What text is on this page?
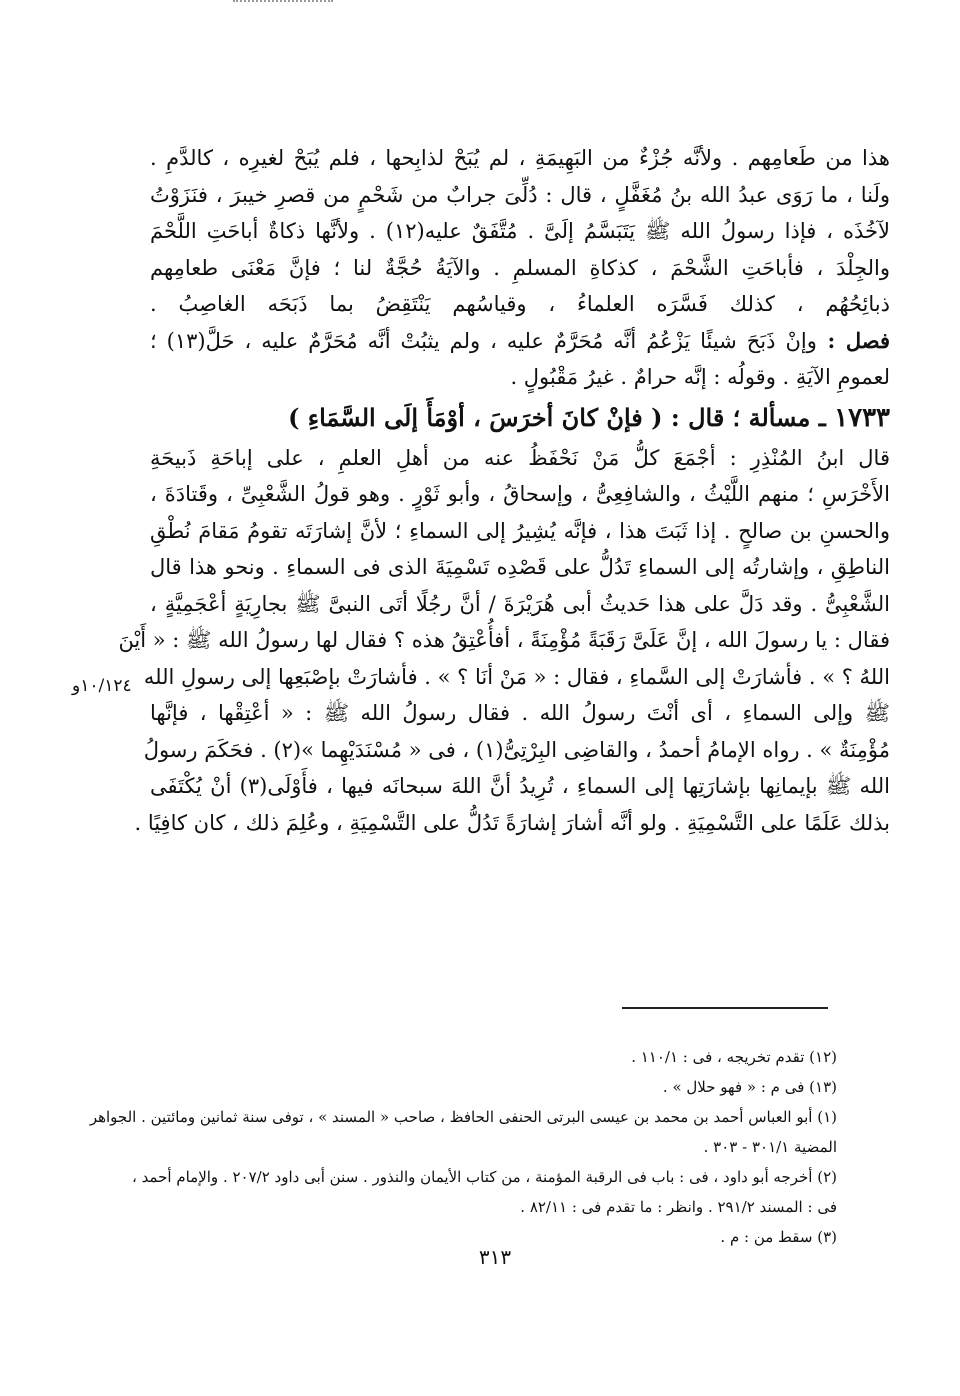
هذا من طَعامِهم . ولأنَّه جُزْءٌ من البَهِيمَةِ ، لم يُبَحْ لذابِحها ، فلم يُبَحْ لغيرِه ، كالدَّمِ .
ولَنا ، ما رَوَى عبدُ الله بنُ مُغَفَّلٍ ، قال : دُلِّىَ جرابٌ من شَحْمٍ من قصرِ خيبرَ ، فنَزَوْتُ
لآخُذَه ، فإذا رسولُ الله ﷺ يَتَبَسَّمُ إلَىَّ . مُتَّفَقٌ عليه(١٢) . ولأنَّها ذكاةٌ أباحَتِ اللَّحْمَ
والجِلْدَ ، فأباحَتِ الشَّحْمَ ، كذكاةِ المسلمِ . والآيَةُ حُجَّةٌ لنا ؛ فإنَّ مَعْنَى طعامِهم
ذبائِحُهُم ، كذلك فَسَّرَه العلماءُ ، وقياسُهم يَنْتَقِضُ بما ذَبَحَه الغاصِبُ .
فصل : وإنْ ذَبَحَ شيئًا يَزْعُمُ أنَّه مُحَرَّمٌ عليه ، ولم يثبُتْ أنَّه مُحَرَّمٌ عليه ، حَلَّ(١٣) ؛
لعمومِ الآيَةِ . وقولُه : إنَّه حرامٌ . غيرُ مَقْبُولٍ .
١٧٣٣ ـ مسألة ؛ قال : ( فإنْ كانَ أخرَسَ ، أوْمَأَ إلَى السَّمَاءِ )
قال ابنُ المُنْذِرِ : أجْمَعَ كلُّ مَنْ نَحْفَظُ عنه من أهلِ العلمِ ، على إباحَةِ ذَبيحَةِ
الأَخْرَسِ ؛ منهم اللَّيْثُ ، والشافِعِىُّ ، وإسحاقُ ، وأبو ثَوْرٍ . وهو قولُ الشَّعْبِىِّ ، وقَتادَةَ ،
والحسنِ بن صالحٍ . إذا ثَبَتَ هذا ، فإنَّه يُشِيرُ إلى السماءِ ؛ لأنَّ إشارَتَه تقومُ مَقامَ نُطْقِ
الناطِقِ ، وإشارتُه إلى السماءِ تَدُلُّ على قَصْدِه تَسْمِيَةَ الذى فى السماءِ . ونحو هذا قال
الشَّعْبِىُّ . وقد دَلَّ على هذا حَديثُ أبى هُرَيْرَةَ / أنَّ رجُلًا أتَى النبىَّ ﷺ بجارِيَةٍ أعْجَمِيَّةٍ ،
فقال : يا رسولَ الله ، إنَّ عَلَىَّ رَقَبَةً مُؤْمِنَةً ، أفأُعْتِقُ هذه ؟ فقال لها رسولُ الله ﷺ : « أَيْنَ
اللهُ ؟ » . فأشارَتْ إلى السَّماءِ ، فقال : « مَنْ أنَا ؟ » . فأشارَتْ بإصْبَعِها إلى رسولِ الله
ﷺ وإلى السماءِ ، أى أنْتَ رسولُ الله . فقال رسولُ الله ﷺ : « أعْتِقْها ، فإنَّها
مُؤْمِنَةٌ » . رواه الإمامُ أحمدُ ، والقاضِى البِرْتِىُّ(١) ، فى « مُسْنَدَيْهِما »(٢) . فحَكَمَ رسولُ
الله ﷺ بإيمانِها بإشارَتِها إلى السماءِ ، تُرِيدُ أنَّ اللهَ سبحانَه فيها ، فأَوْلَى(٣) أنْ يُكْتَفَى
بذلك عَلَمًا على التَّسْمِيَةِ . ولو أنَّه أشارَ إشارَةً تَدُلُّ على التَّسْمِيَةِ ، وعُلِمَ ذلك ، كان كافِيًا .
١٠/١٢٤و
(١٢) تقدم تخريجه ، فى : ١١٠/١ .
(١٣) فى م : « فهو حلال » .
(١) أبو العباس أحمد بن محمد بن عيسى البرتى الحنفى الحافظ ، صاحب « المسند » ، توفى سنة ثمانين ومائتين . الجواهر
المضية ٣٠١/١ - ٣٠٣ .
(٢) أخرجه أبو داود ، فى : باب فى الرقبة المؤمنة ، من كتاب الأيمان والنذور . سنن أبى داود ٢٠٧/٢ . والإمام أحمد ،
فى : المسند ٢٩١/٢ . وانظر : ما تقدم فى : ٨٢/١١ .
(٣) سقط من : م .
٣١٣
